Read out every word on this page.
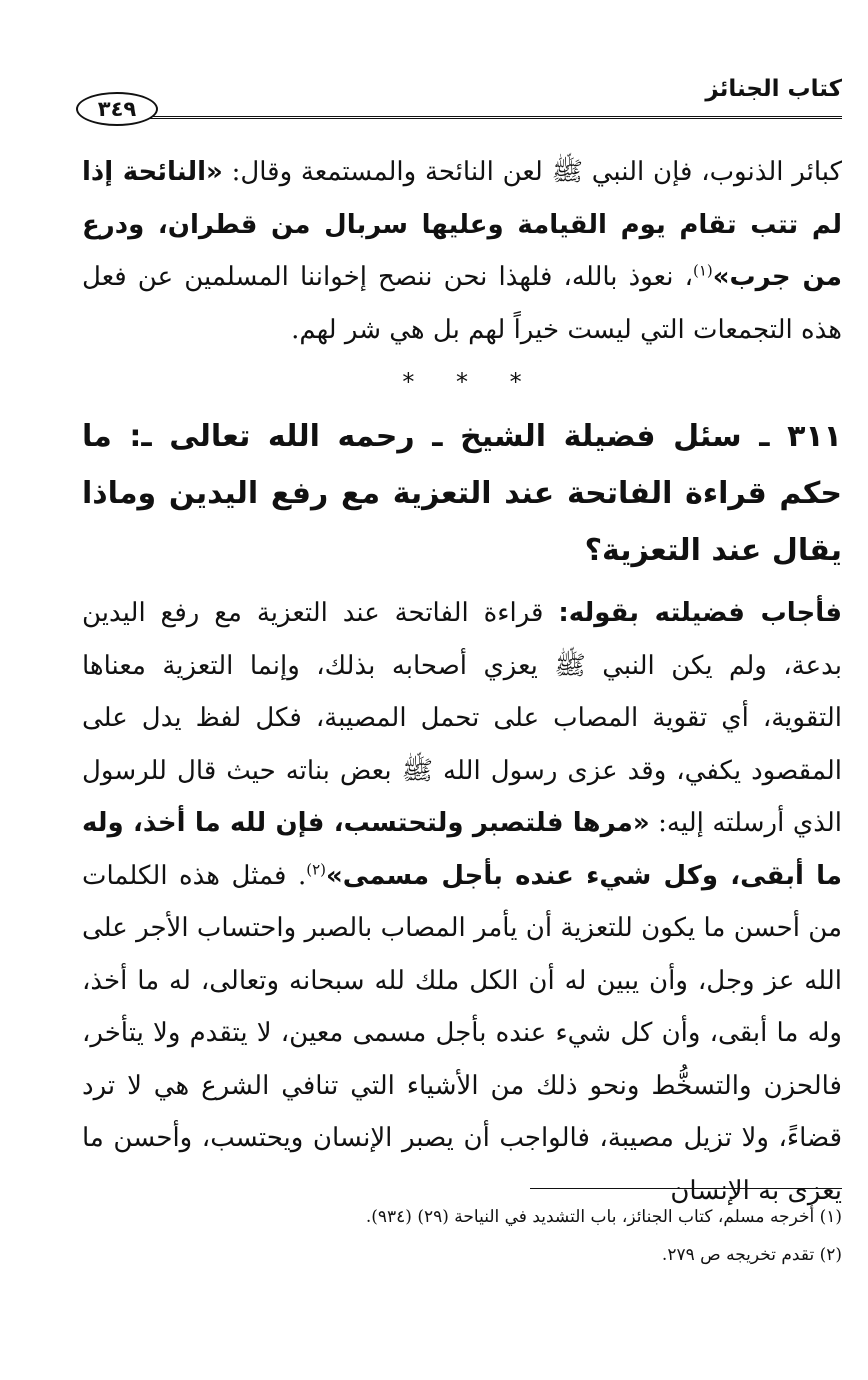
كتاب الجنائز
٣٤٩

كبائر الذنوب، فإن النبي ﷺ لعن النائحة والمستمعة وقال: «النائحة إذا لم تتب تقام يوم القيامة وعليها سربال من قطران، ودرع من جرب»$^{(١)}$، نعوذ بالله، فلهذا نحن ننصح إخواننا المسلمين عن فعل هذه التجمعات التي ليست خيراً لهم بل هي شر لهم.

* * *

٣١١ ـ سئل فضيلة الشيخ ـ رحمه الله تعالى ـ: ما حكم قراءة الفاتحة عند التعزية مع رفع اليدين وماذا يقال عند التعزية؟

فأجاب فضيلته بقوله: قراءة الفاتحة عند التعزية مع رفع اليدين بدعة، ولم يكن النبي ﷺ يعزي أصحابه بذلك، وإنما التعزية معناها التقوية، أي تقوية المصاب على تحمل المصيبة، فكل لفظ يدل على المقصود يكفي، وقد عزى رسول الله ﷺ بعض بناته حيث قال للرسول الذي أرسلته إليه: «مرها فلتصبر ولتحتسب، فإن لله ما أخذ، وله ما أبقى، وكل شيء عنده بأجل مسمى»$^{(٢)}$. فمثل هذه الكلمات من أحسن ما يكون للتعزية أن يأمر المصاب بالصبر واحتساب الأجر على الله عز وجل، وأن يبين له أن الكل ملك لله سبحانه وتعالى، له ما أخذ، وله ما أبقى، وأن كل شيء عنده بأجل مسمى معين، لا يتقدم ولا يتأخر، فالحزن والتسخُّط ونحو ذلك من الأشياء التي تنافي الشرع هي لا ترد قضاءً، ولا تزيل مصيبة، فالواجب أن يصبر الإنسان ويحتسب، وأحسن ما يعزى به الإنسان

(١) أخرجه مسلم، كتاب الجنائز، باب التشديد في النياحة (٢٩) (٩٣٤).

(٢) تقدم تخريجه ص ٢٧٩.
